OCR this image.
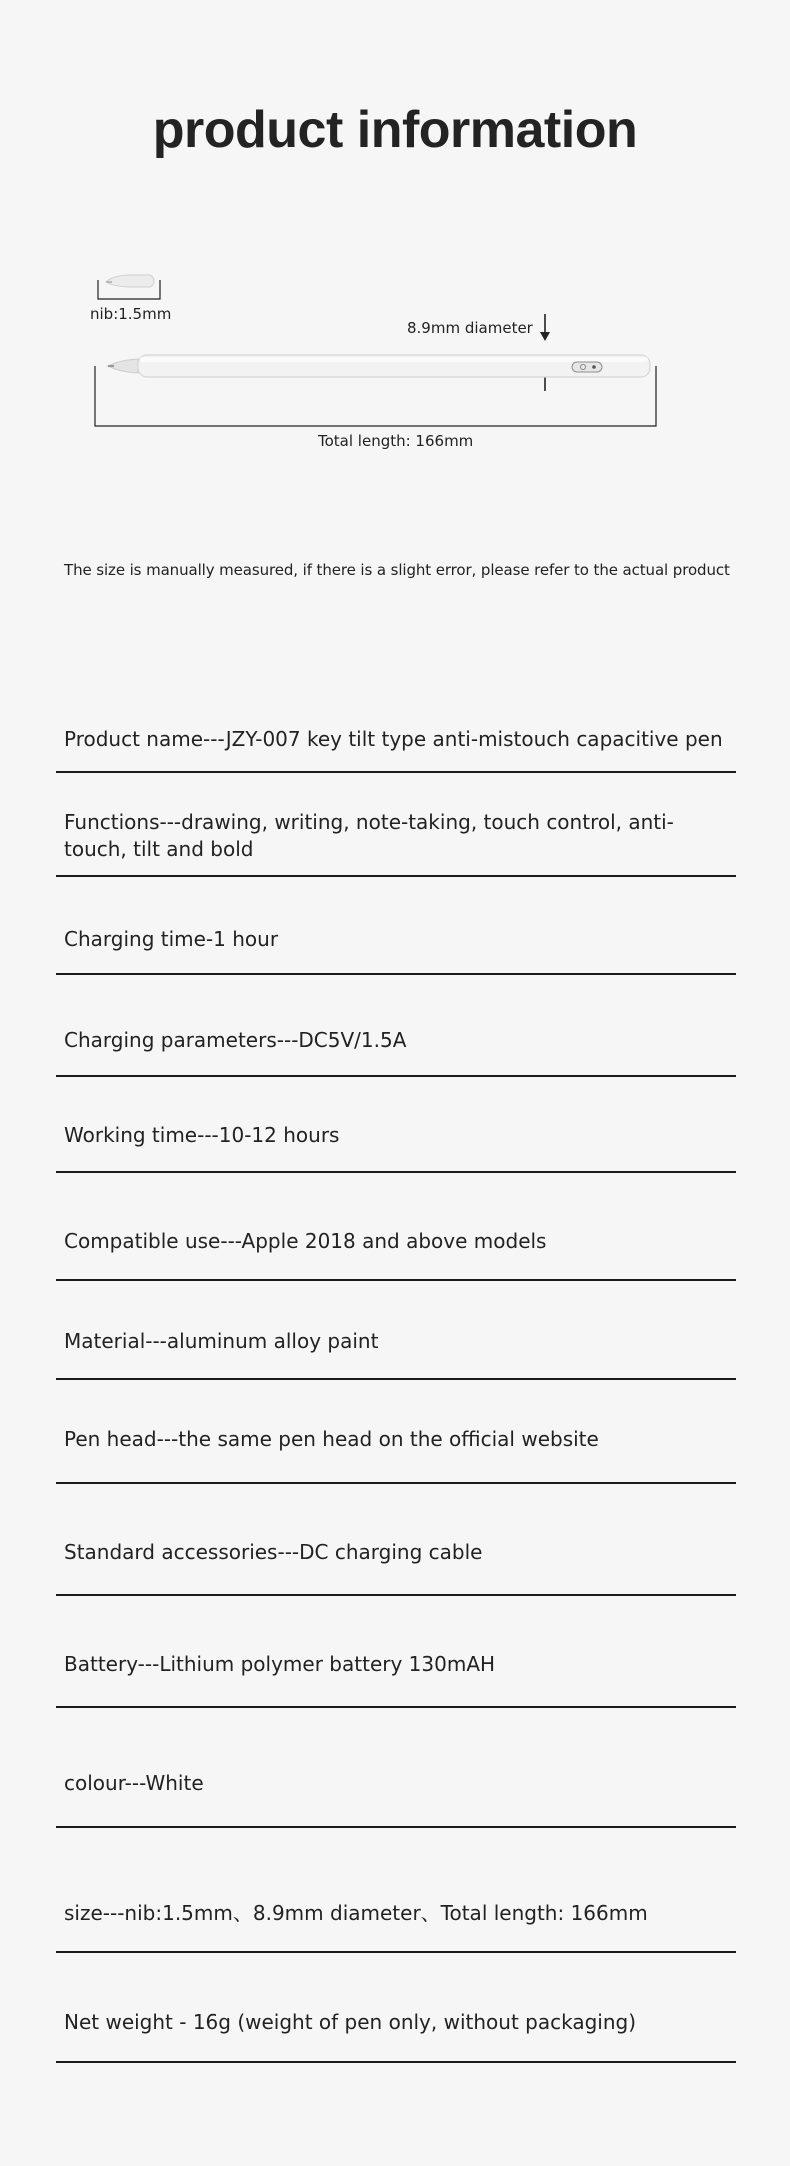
product information
nib:1.5mm
8.9mm diameter
Total length: 166mm
The size is manually measured, if there is a slight error, please refer to the actual product
Product name---JZY-007 key tilt type anti-mistouch capacitive pen
Functions---drawing, writing, note-taking, touch control, anti-touch, tilt and bold
Charging time-1 hour
Charging parameters---DC5V/1.5A
Working time---10-12 hours
Compatible use---Apple 2018 and above models
Material---aluminum alloy paint
Pen head---the same pen head on the official website
Standard accessories---DC charging cable
Battery---Lithium polymer battery 130mAH
colour---White
size---nib:1.5mm、8.9mm diameter、Total length: 166mm
Net weight - 16g (weight of pen only, without packaging)
